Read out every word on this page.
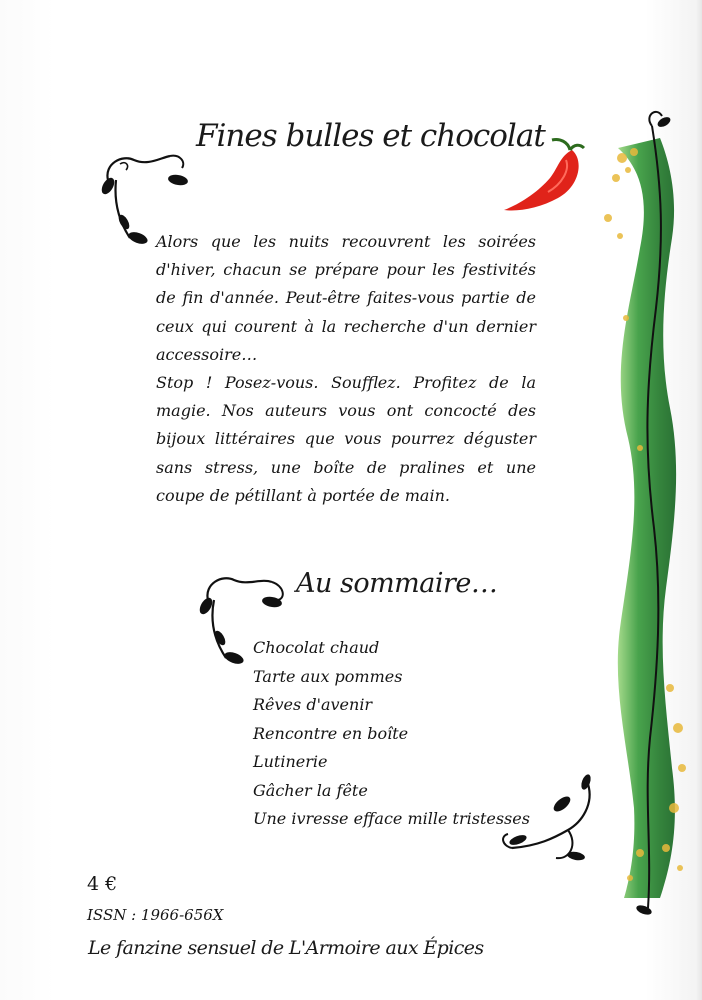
Fines bulles et chocolat

Alors que les nuits recouvrent les soirées d'hiver, chacun se prépare pour les festivités de fin d'année. Peut-être faites-vous partie de ceux qui courent à la recherche d'un dernier accessoire…

Stop ! Posez-vous. Soufflez. Profitez de la magie. Nos auteurs vous ont concocté des bijoux littéraires que vous pourrez déguster sans stress, une boîte de pralines et une coupe de pétillant à portée de main.

Au sommaire…
Chocolat chaud
Tarte aux pommes
Rêves d'avenir
Rencontre en boîte
Lutinerie
Gâcher la fête
Une ivresse efface mille tristesses
4 €
ISSN : 1966-656X
Le fanzine sensuel de L'Armoire aux Épices
